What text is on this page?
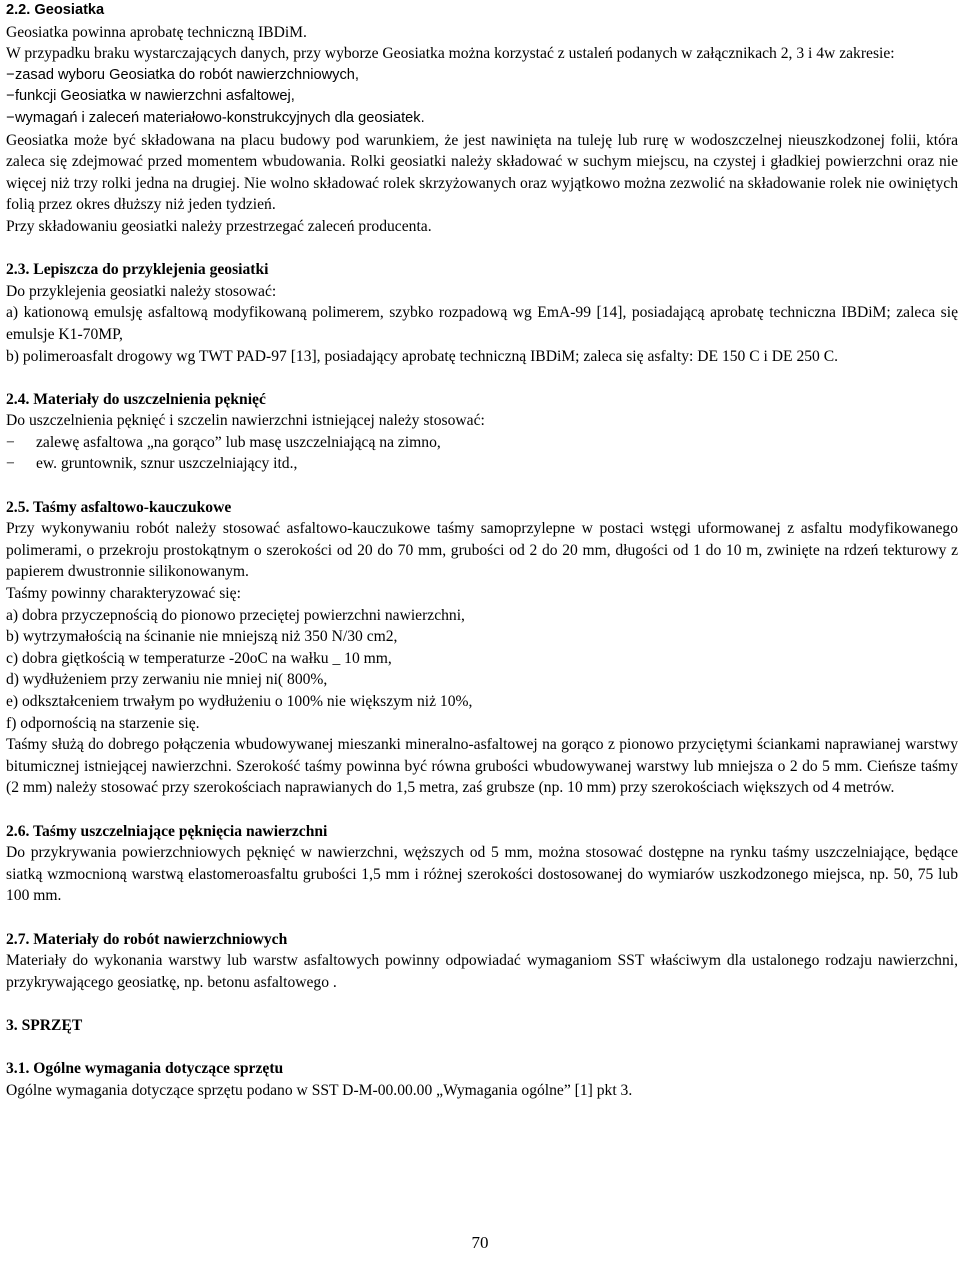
2.2. Geosiatka

Geosiatka powinna aprobatę techniczną IBDiM.

W przypadku braku wystarczających danych, przy wyborze Geosiatka można korzystać z ustaleń podanych w załącznikach 2, 3 i 4w zakresie:

− zasad wyboru Geosiatka do robót nawierzchniowych,
− funkcji Geosiatka w nawierzchni asfaltowej,
− wymagań i zaleceń materiałowo-konstrukcyjnych dla geosiatek.

Geosiatka może być składowana na placu budowy pod warunkiem, że jest nawinięta na tuleję lub rurę w wodoszczelnej nieuszkodzonej folii, która zaleca się zdejmować przed momentem wbudowania. Rolki geosiatki należy składować w suchym miejscu, na czystej i gładkiej powierzchni oraz nie więcej niż trzy rolki jedna na drugiej. Nie wolno składować rolek skrzyżowanych oraz wyjątkowo można zezwolić na składowanie rolek nie owiniętych folią przez okres dłuższy niż jeden tydzień.

Przy składowaniu geosiatki należy przestrzegać zaleceń producenta.

2.3. Lepiszcza do przyklejenia geosiatki

Do przyklejenia geosiatki należy stosować:

a) kationową emulsję asfaltową modyfikowaną polimerem, szybko rozpadową wg EmA-99 [14], posiadającą aprobatę techniczna IBDiM; zaleca się emulsje K1-70MP,

b) polimeroasfalt drogowy wg TWT PAD-97 [13], posiadający aprobatę techniczną IBDiM; zaleca się asfalty: DE 150 C i DE 250 C.

2.4. Materiały do uszczelnienia pęknięć

Do uszczelnienia pęknięć i szczelin nawierzchni istniejącej należy stosować:

−	zalewę asfaltowa „na gorąco” lub masę uszczelniającą na zimno,
−	ew. gruntownik, sznur uszczelniający itd.,

2.5. Taśmy asfaltowo-kauczukowe

Przy wykonywaniu robót należy stosować asfaltowo-kauczukowe taśmy samoprzylepne w postaci wstęgi uformowanej z asfaltu modyfikowanego polimerami, o przekroju prostokątnym o szerokości od 20 do 70 mm, grubości od 2 do 20 mm, długości od 1 do 10 m, zwinięte na rdzeń tekturowy z papierem dwustronnie silikonowanym.

Taśmy powinny charakteryzować się:

a) dobra przyczepnością do pionowo przeciętej powierzchni nawierzchni,

b) wytrzymałością na ścinanie nie mniejszą niż 350 N/30 cm2,

c) dobra giętkością w temperaturze -20oC na wałku _ 10 mm,

d) wydłużeniem przy zerwaniu nie mniej ni( 800%,

e) odkształceniem trwałym po wydłużeniu o 100% nie większym niż 10%,

f) odpornością na starzenie się.

Taśmy służą do dobrego połączenia wbudowywanej mieszanki mineralno-asfaltowej na gorąco z pionowo przyciętymi ściankami naprawianej warstwy bitumicznej istniejącej nawierzchni. Szerokość taśmy powinna być równa grubości wbudowywanej warstwy lub mniejsza o 2 do 5 mm. Cieńsze taśmy (2 mm) należy stosować przy szerokościach naprawianych do 1,5 metra, zaś grubsze (np. 10 mm) przy szerokościach większych od 4 metrów.

2.6. Taśmy uszczelniające pęknięcia nawierzchni

Do przykrywania powierzchniowych pęknięć w nawierzchni, węższych od 5 mm, można stosować dostępne na rynku taśmy uszczelniające, będące siatką wzmocnioną warstwą elastomeroasfaltu grubości 1,5 mm i różnej szerokości dostosowanej do wymiarów uszkodzonego miejsca, np. 50, 75 lub 100 mm.

2.7. Materiały do robót nawierzchniowych

Materiały do wykonania warstwy lub warstw asfaltowych powinny odpowiadać wymaganiom SST właściwym dla ustalonego rodzaju nawierzchni, przykrywającego geosiatkę, np. betonu asfaltowego .

3. SPRZĘT

3.1. Ogólne wymagania dotyczące sprzętu

Ogólne wymagania dotyczące sprzętu podano w SST D-M-00.00.00 „Wymagania ogólne” [1] pkt 3.

70
